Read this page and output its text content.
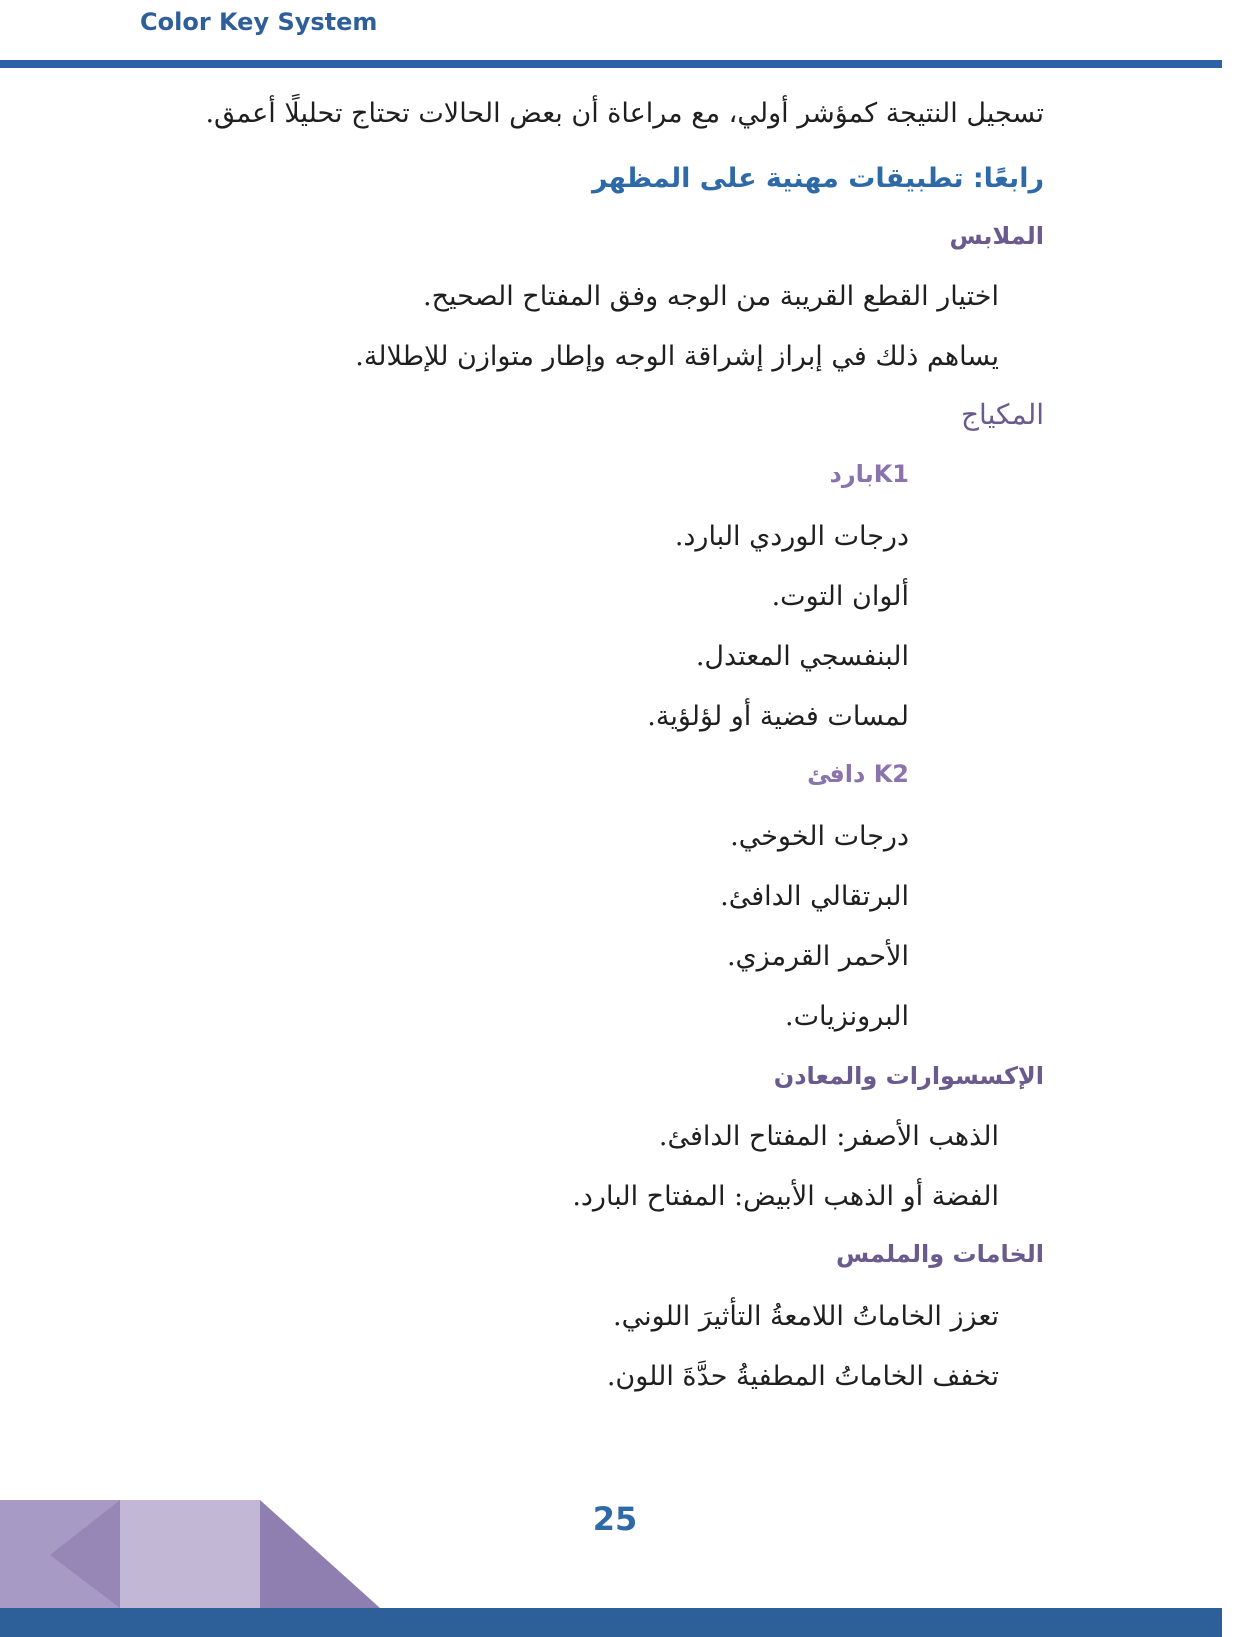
Color Key System
تسجيل النتيجة كمؤشر أولي، مع مراعاة أن بعض الحالات تحتاج تحليلًا أعمق.
رابعًا: تطبيقات مهنية على المظهر
الملابس
اختيار القطع القريبة من الوجه وفق المفتاح الصحيح.
يساهم ذلك في إبراز إشراقة الوجه وإطار متوازن للإطلالة.
المكياج
K1بارد
درجات الوردي البارد.
ألوان التوت.
البنفسجي المعتدل.
لمسات فضية أو لؤلؤية.
K2 دافئ
درجات الخوخي.
البرتقالي الدافئ.
الأحمر القرمزي.
البرونزيات.
الإكسسوارات والمعادن
الذهب الأصفر: المفتاح الدافئ.
الفضة أو الذهب الأبيض: المفتاح البارد.
الخامات والملمس
تعزز الخاماتُ اللامعةُ التأثيرَ اللوني.
تخفف الخاماتُ المطفيةُ حدَّةَ اللون.
25
